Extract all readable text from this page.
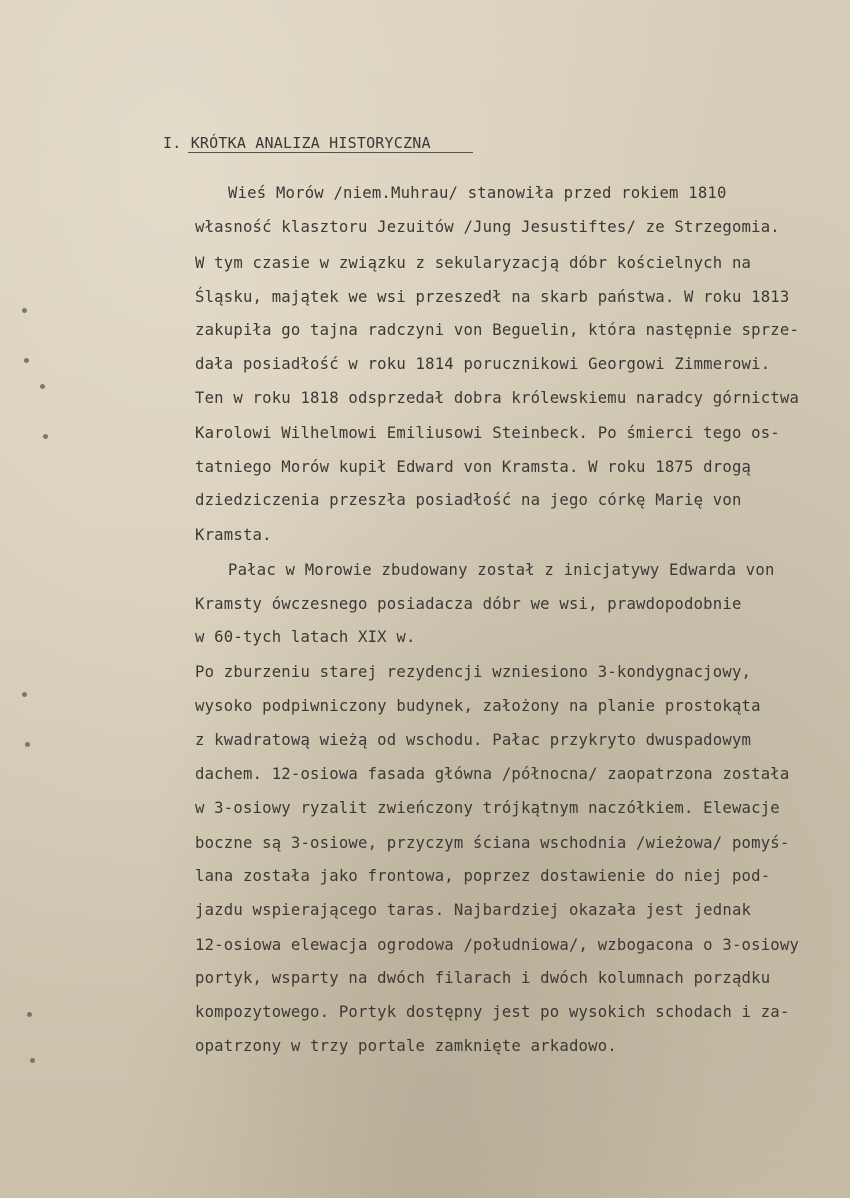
I. KRÓTKA ANALIZA HISTORYCZNA
Wieś Morów /niem.Muhrau/ stanowiła przed rokiem 1810
własność klasztoru Jezuitów /Jung Jesustiftes/ ze Strzegomia.
W tym czasie w związku z sekularyzacją dóbr kościelnych na
Śląsku, majątek we wsi przeszedł na skarb państwa. W roku 1813
zakupiła go tajna radczyni von Beguelin, która następnie sprze-
dała posiadłość w roku 1814 porucznikowi Georgowi Zimmerowi.
Ten w roku 1818 odsprzedał dobra królewskiemu naradcy górnictwa
Karolowi Wilhelmowi Emiliusowi Steinbeck. Po śmierci tego os-
tatniego Morów kupił Edward von Kramsta. W roku 1875 drogą
dziedziczenia przeszła posiadłość na jego córkę Marię von
Kramsta.
Pałac w Morowie zbudowany został z inicjatywy Edwarda von
Kramsty ówczesnego posiadacza dóbr we wsi, prawdopodobnie
w 60-tych latach XIX w.
Po zburzeniu starej rezydencji wzniesiono 3-kondygnacjowy,
wysoko podpiwniczony budynek, założony na planie prostokąta
z kwadratową wieżą od wschodu. Pałac przykryto dwuspadowym
dachem. 12-osiowa fasada główna /północna/ zaopatrzona została
w 3-osiowy ryzalit zwieńczony trójkątnym naczółkiem. Elewacje
boczne są 3-osiowe, przyczym ściana wschodnia /wieżowa/ pomyś-
lana została jako frontowa, poprzez dostawienie do niej pod-
jazdu wspierającego taras. Najbardziej okazała jest jednak
12-osiowa elewacja ogrodowa /południowa/, wzbogacona o 3-osiowy
portyk, wsparty na dwóch filarach i dwóch kolumnach porządku
kompozytowego. Portyk dostępny jest po wysokich schodach i za-
opatrzony w trzy portale zamknięte arkadowo.
